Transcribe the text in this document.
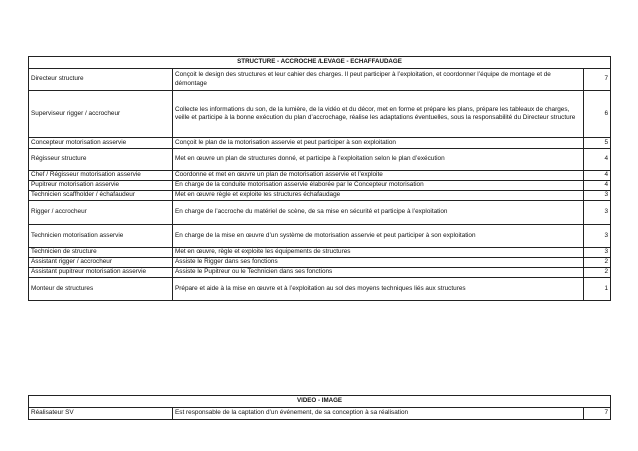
STRUCTURE - ACCROCHE /LEVAGE - ECHAFFAUDAGE		
Directeur structure	Conçoit le design des structures et leur cahier des charges. Il peut participer à l’exploitation, et coordonner l’équipe de montage et de démontage	7
Superviseur rigger / accrocheur	Collecte les informations du son, de la lumière, de la vidéo et du décor, met en forme et prépare les plans, prépare les tableaux de charges, veille et participe à la bonne exécution du plan d’accrochage, réalise les adaptations éventuelles, sous la responsabilité du Directeur structure	6
Concepteur motorisation asservie	Conçoit le plan de la motorisation asservie et peut participer à son exploitation	5
Régisseur structure	Met en œuvre un plan de structures donné, et participe à l’exploitation selon le plan d’exécution	4
Chef / Régisseur motorisation asservie	Coordonne et met en œuvre un plan de motorisation asservie et l’exploite	4
Pupitreur motorisation asservie	En charge de la conduite motorisation asservie élaborée par le Concepteur motorisation	4
Technicien scaffholder / échafaudeur	Met en œuvre règle et exploite les structures échafaudage	3
Rigger / accrocheur	En charge de l’accroche du matériel de scène, de sa mise en sécurité et participe à l’exploitation	3
Technicien motorisation asservie	En charge de la mise en œuvre d’un système de motorisation asservie et peut participer à son exploitation	3
Technicien de structure	Met en œuvre, règle et exploite les équipements de structures	3
Assistant rigger / accrocheur	Assiste le Rigger dans ses fonctions	2
Assistant pupitreur motorisation asservie	Assiste le Pupitreur ou le Technicien dans ses fonctions	2
Monteur de structures	Prépare et aide à la mise en œuvre et à l’exploitation au sol des moyens techniques liés aux structures	1
VIDEO - IMAGE
Réalisateur SV	Est responsable de la captation d’un événement, de sa conception à sa réalisation	7
